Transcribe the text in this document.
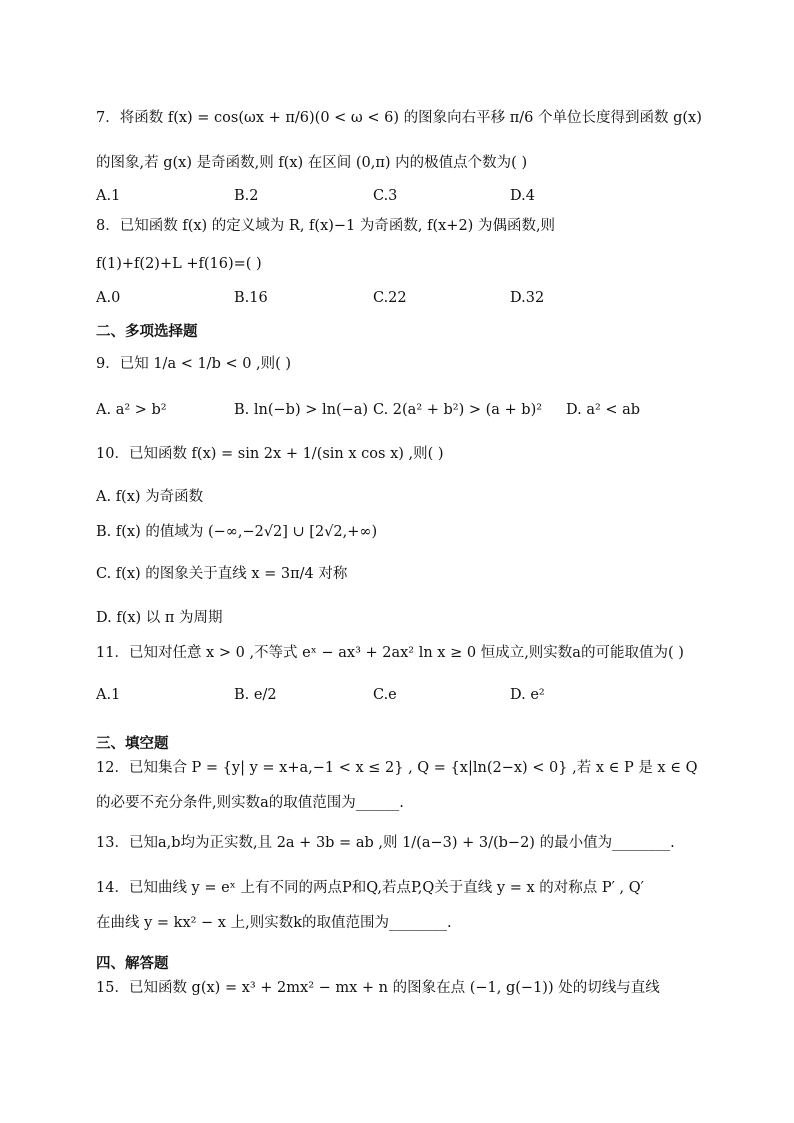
7．将函数 f(x) = cos(ωx + π/6)(0 < ω < 6) 的图象向右平移 π/6 个单位长度得到函数 g(x)
的图象,若 g(x) 是奇函数,则 f(x) 在区间 (0,π) 内的极值点个数为( )
A.1	B.2	C.3	D.4
8．已知函数 f(x) 的定义域为 R, f(x)−1 为奇函数, f(x+2) 为偶函数,则
f(1)+f(2)+L +f(16)=( )
A.0	B.16	C.22	D.32
二、多项选择题
9．已知 1/a < 1/b < 0 ,则( )
A. a² > b²	B. ln(−b) > ln(−a) C. 2(a² + b²) > (a + b)² D. a² < ab
10．已知函数 f(x) = sin 2x + 1/(sin x cos x) ,则( )
A. f(x) 为奇函数
B. f(x) 的值域为 (−∞,−2√2] ∪ [2√2,+∞)
C. f(x) 的图象关于直线 x = 3π/4 对称
D. f(x) 以 π 为周期
11．已知对任意 x > 0 ,不等式 eˣ − ax³ + 2ax² ln x ≥ 0 恒成立,则实数a的可能取值为( )
A.1	B. e/2	C.e	D. e²
三、填空题
12．已知集合 P = {y| y = x+a,−1 < x ≤ 2} , Q = {x|ln(2−x) < 0} ,若 x ∈ P 是 x ∈ Q
的必要不充分条件,则实数a的取值范围为______.
13．已知a,b均为正实数,且 2a + 3b = ab ,则 1/(a−3) + 3/(b−2) 的最小值为________.
14．已知曲线 y = eˣ 上有不同的两点P和Q,若点P,Q关于直线 y = x 的对称点 P′ , Q′
在曲线 y = kx² − x 上,则实数k的取值范围为________.
四、解答题
15．已知函数 g(x) = x³ + 2mx² − mx + n 的图象在点 (−1, g(−1)) 处的切线与直线
